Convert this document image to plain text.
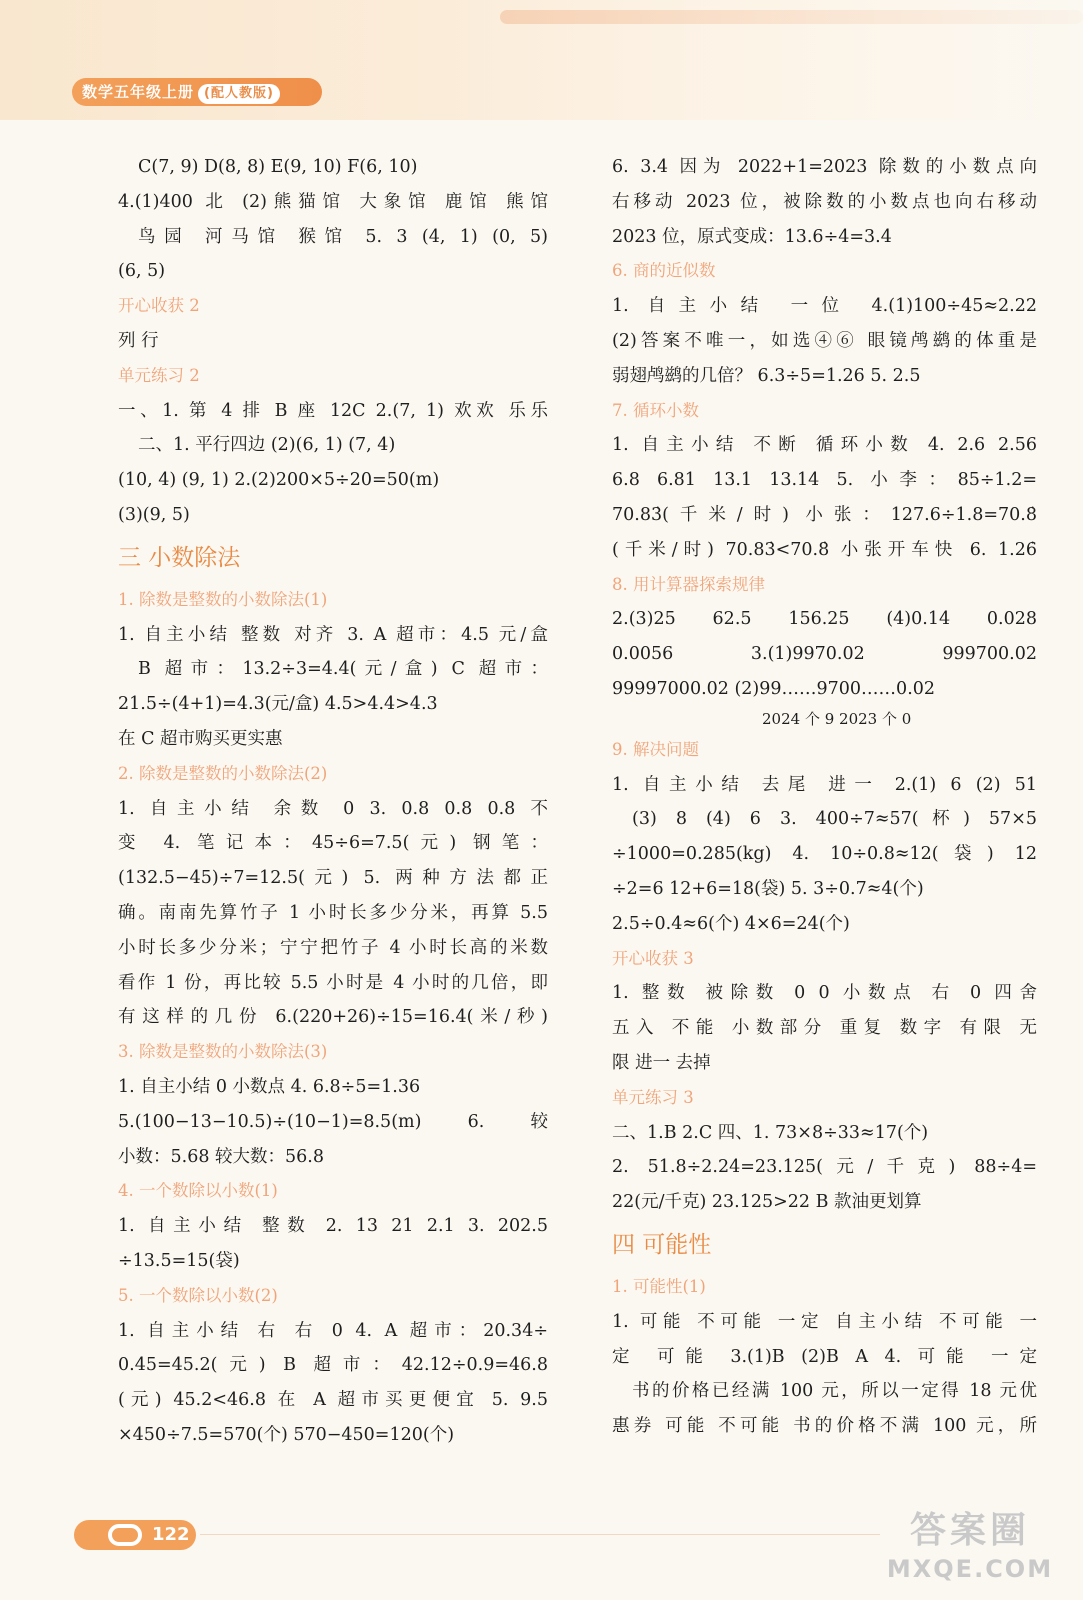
数学五年级上册 (配人教版)
C(7, 9) D(8, 8) E(9, 10) F(6, 10)
4.(1)400 北 (2)熊猫馆 大象馆 鹿馆 熊馆
鸟园 河马馆 猴馆 5. 3 (4, 1) (0, 5)
(6, 5)
开心收获 2
列 行
单元练习 2
一、1. 第 4 排 B 座 12C 2.(7, 1) 欢欢 乐乐
二、1. 平行四边 (2)(6, 1) (7, 4)
(10, 4) (9, 1) 2.(2)200×5÷20=50(m)
(3)(9, 5)
三 小数除法
1. 除数是整数的小数除法(1)
1. 自主小结 整数 对齐 3. A 超市：4.5 元/盒
B 超市：13.2÷3=4.4(元/盒) C 超市：
21.5÷(4+1)=4.3(元/盒) 4.5>4.4>4.3
在 C 超市购买更实惠
2. 除数是整数的小数除法(2)
1. 自主小结 余数 0 3. 0.8 0.8 0.8 不
变 4. 笔记本：45÷6=7.5(元) 钢笔：
(132.5−45)÷7=12.5(元) 5. 两种方法都正
确。南南先算竹子 1 小时长多少分米，再算 5.5
小时长多少分米；宁宁把竹子 4 小时长高的米数
看作 1 份，再比较 5.5 小时是 4 小时的几倍，即
有这样的几份 6.(220+26)÷15=16.4(米/秒)
3. 除数是整数的小数除法(3)
1. 自主小结 0 小数点 4. 6.8÷5=1.36
5.(100−13−10.5)÷(10−1)=8.5(m) 6. 较
小数：5.68 较大数：56.8
4. 一个数除以小数(1)
1. 自主小结 整数 2. 13 21 2.1 3. 202.5
÷13.5=15(袋)
5. 一个数除以小数(2)
1. 自主小结 右 右 0 4. A 超市：20.34÷
0.45=45.2(元) B 超市：42.12÷0.9=46.8
(元) 45.2<46.8 在 A 超市买更便宜 5. 9.5
×450÷7.5=570(个) 570−450=120(个)
6. 3.4 因为 2022+1=2023 除数的小数点向
右移动 2023 位，被除数的小数点也向右移动
2023 位，原式变成：13.6÷4=3.4
6. 商的近似数
1. 自主小结 一位 4.(1)100÷45≈2.22
(2)答案不唯一，如选④⑥ 眼镜鸬鹚的体重是
弱翅鸬鹚的几倍？ 6.3÷5=1.26 5. 2.5
7. 循环小数
1. 自主小结 不断 循环小数 4. 2.6 2.56
6.8 6.81 13.1 13.14 5. 小李：85÷1.2=
70.83̇(千米/时) 小张：127.6÷1.8=70.8̇
(千米/时) 70.83̇<70.8̇ 小张开车快 6. 1.26̇
8. 用计算器探索规律
2.(3)25 62.5 156.25 (4)0.14 0.028
0.0056 3.(1)9970.02 999700.02
99997000.02 (2)99……9700……0.02
2024 个 9 2023 个 0
9. 解决问题
1. 自主小结 去尾 进一 2.(1) 6 (2) 51
(3) 8 (4) 6 3. 400÷7≈57(杯) 57×5
÷1000=0.285(kg) 4. 10÷0.8≈12(袋) 12
÷2=6 12+6=18(袋) 5. 3÷0.7≈4(个)
2.5÷0.4≈6(个) 4×6=24(个)
开心收获 3
1. 整数 被除数 0 0 小数点 右 0 四舍
五入 不能 小数部分 重复 数字 有限 无
限 进一 去掉
单元练习 3
二、1.B 2.C 四、1. 73×8÷33≈17(个)
2. 51.8÷2.24=23.125(元/千克) 88÷4=
22(元/千克) 23.125>22 B 款油更划算
四 可能性
1. 可能性(1)
1. 可能 不可能 一定 自主小结 不可能 一
定 可能 3.(1)B (2)B A 4. 可能 一定
书的价格已经满 100 元，所以一定得 18 元优
惠券 可能 不可能 书的价格不满 100 元，所
122	答案圈
MXQE.COM
